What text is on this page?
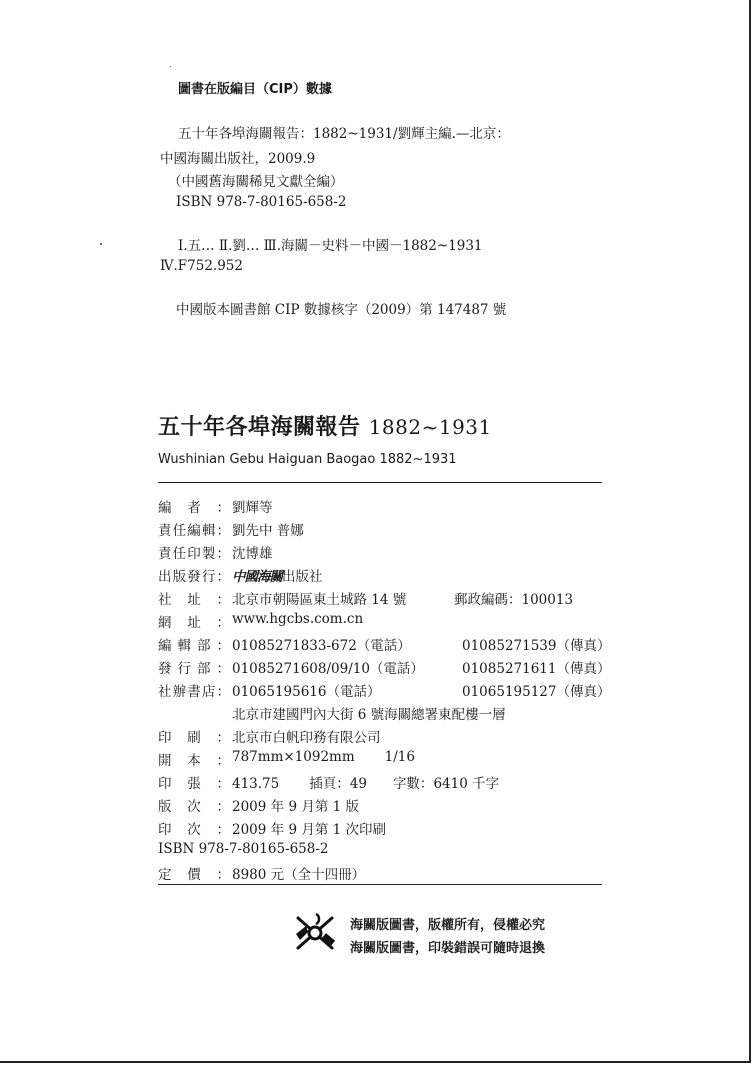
圖書在版編目（CIP）數據
五十年各埠海關報告：1882~1931/劉輝主編.—北京：
中國海關出版社，2009.9
（中國舊海關稀見文獻全編）
ISBN 978-7-80165-658-2
Ⅰ.五… Ⅱ.劉… Ⅲ.海關－史料－中國－1882~1931
Ⅳ.F752.952
中國版本圖書館 CIP 數據核字（2009）第 147487 號
五十年各埠海關報告 1882~1931
Wushinian Gebu Haiguan Baogao 1882~1931
編者： 劉輝等
責任編輯： 劉先中 普娜
責任印製： 沈博雄
出版發行： 中國海關出版社
社址： 北京市朝陽區東土城路 14 號	郵政編碼：100013
網址： www.hgcbs.com.cn
編輯部： 01085271833-672（電話）	01085271539（傳真）
發行部： 01085271608/09/10（電話）	01085271611（傳真）
社辦書店： 01065195616（電話）	01065195127（傳真）
北京市建國門內大街 6 號海關總署東配樓一層
印刷： 北京市白帆印務有限公司
開本： 787mm×1092mm 1/16
印張： 413.75 插頁：49 字數：6410 千字
版次： 2009 年 9 月第 1 版
印次： 2009 年 9 月第 1 次印刷
ISBN 978-7-80165-658-2
定價： 8980 元（全十四冊）
海關版圖書，版權所有，侵權必究
海關版圖書，印裝錯誤可隨時退換
